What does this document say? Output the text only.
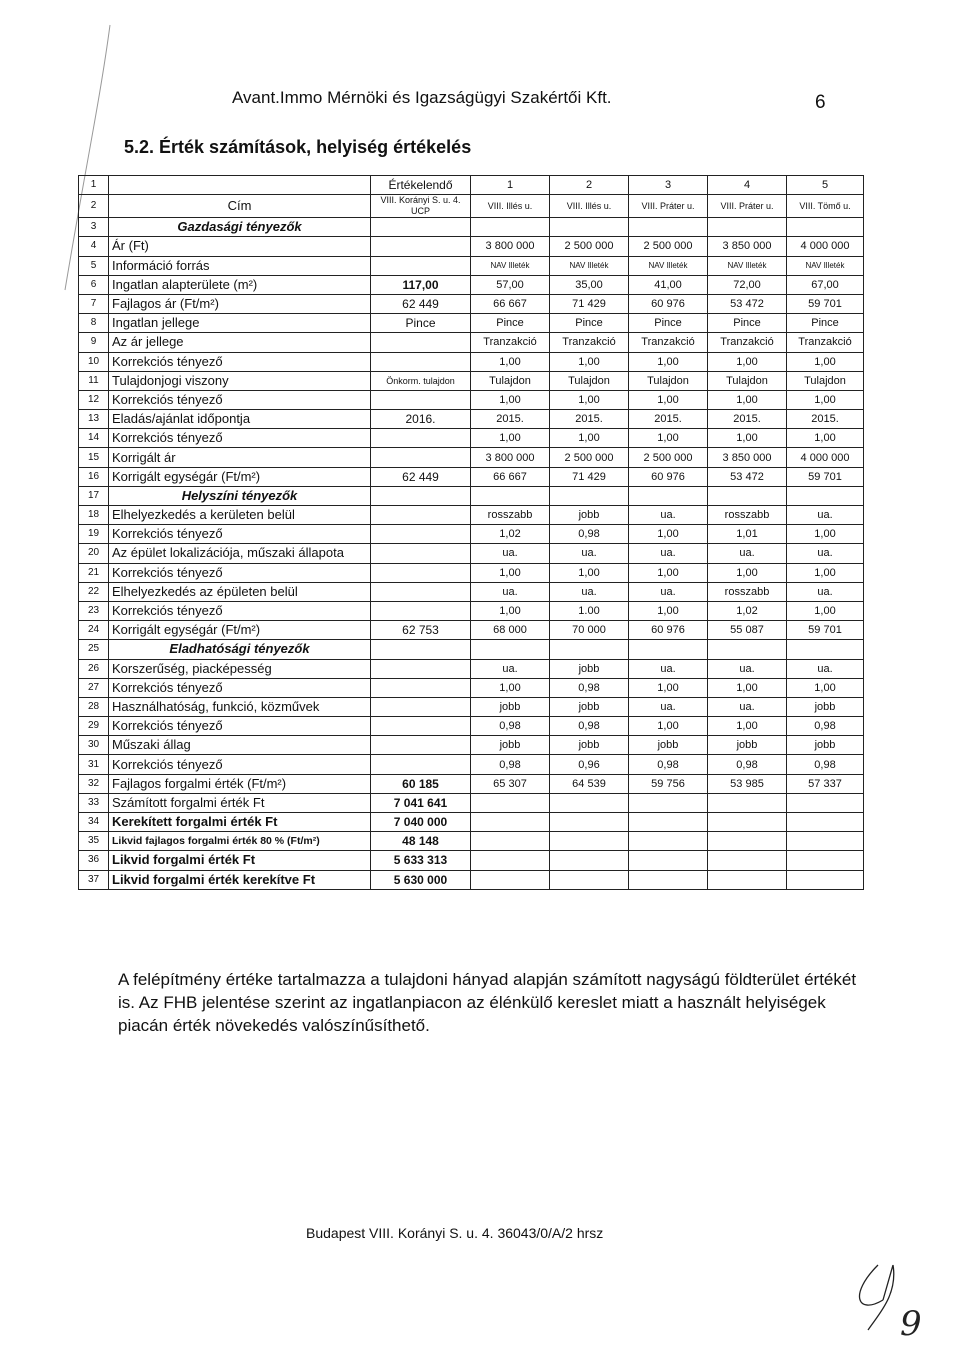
Avant.Immo Mérnöki és Igazságügyi Szakértői Kft.	6
5.2. Érték számítások, helyiség értékelés
1		Értékelendő	1	2	3	4	5
2	Cím	VIII. Korányi S. u. 4. UCP	VIII. Illés u.	VIII. Illés u.	VIII. Práter u.	VIII. Práter u.	VIII. Tömő u.
3	Gazdasági tényezők						
4	Ár (Ft)		3 800 000	2 500 000	2 500 000	3 850 000	4 000 000
5	Információ forrás		NAV Illeték	NAV Illeték	NAV Illeték	NAV Illeték	NAV Illeték
6	Ingatlan alapterülete (m²)	117,00	57,00	35,00	41,00	72,00	67,00
7	Fajlagos ár (Ft/m²)	62 449	66 667	71 429	60 976	53 472	59 701
8	Ingatlan jellege	Pince	Pince	Pince	Pince	Pince	Pince
9	Az ár jellege		Tranzakció	Tranzakció	Tranzakció	Tranzakció	Tranzakció
10	Korrekciós tényező		1,00	1,00	1,00	1,00	1,00
11	Tulajdonjogi viszony	Önkorm. tulajdon	Tulajdon	Tulajdon	Tulajdon	Tulajdon	Tulajdon
12	Korrekciós tényező		1,00	1,00	1,00	1,00	1,00
13	Eladás/ajánlat időpontja	2016.	2015.	2015.	2015.	2015.	2015.
14	Korrekciós tényező		1,00	1,00	1,00	1,00	1,00
15	Korrigált ár		3 800 000	2 500 000	2 500 000	3 850 000	4 000 000
16	Korrigált egységár (Ft/m²)	62 449	66 667	71 429	60 976	53 472	59 701
17	Helyszíni tényezők						
18	Elhelyezkedés a kerületen belül		rosszabb	jobb	ua.	rosszabb	ua.
19	Korrekciós tényező		1,02	0,98	1,00	1,01	1,00
20	Az épület lokalizációja, műszaki állapota		ua.	ua.	ua.	ua.	ua.
21	Korrekciós tényező		1,00	1,00	1,00	1,00	1,00
22	Elhelyezkedés az épületen belül		ua.	ua.	ua.	rosszabb	ua.
23	Korrekciós tényező		1,00	1.00	1,00	1,02	1,00
24	Korrigált egységár (Ft/m²)	62 753	68 000	70 000	60 976	55 087	59 701
25	Eladhatósági tényezők						
26	Korszerűség, piacképesség		ua.	jobb	ua.	ua.	ua.
27	Korrekciós tényező		1,00	0,98	1,00	1,00	1,00
28	Használhatóság, funkció, közművek		jobb	jobb	ua.	ua.	jobb
29	Korrekciós tényező		0,98	0,98	1,00	1,00	0,98
30	Műszaki állag		jobb	jobb	jobb	jobb	jobb
31	Korrekciós tényező		0,98	0,96	0,98	0,98	0,98
32	Fajlagos forgalmi érték (Ft/m²)	60 185	65 307	64 539	59 756	53 985	57 337
33	Számított forgalmi érték Ft	7 041 641					
34	Kerekített forgalmi érték Ft	7 040 000					
35	Likvid fajlagos forgalmi érték 80 % (Ft/m²)	48 148					
36	Likvid forgalmi érték Ft	5 633 313					
37	Likvid forgalmi érték kerekítve Ft	5 630 000					
A felépítmény értéke tartalmazza a tulajdoni hányad alapján számított nagyságú földterület értékét is. Az FHB jelentése szerint az ingatlanpiacon az élénkülő kereslet miatt a használt helyiségek piacán érték növekedés valószínűsíthető.
Budapest VIII. Korányi S. u. 4. 36043/0/A/2 hrsz
9
